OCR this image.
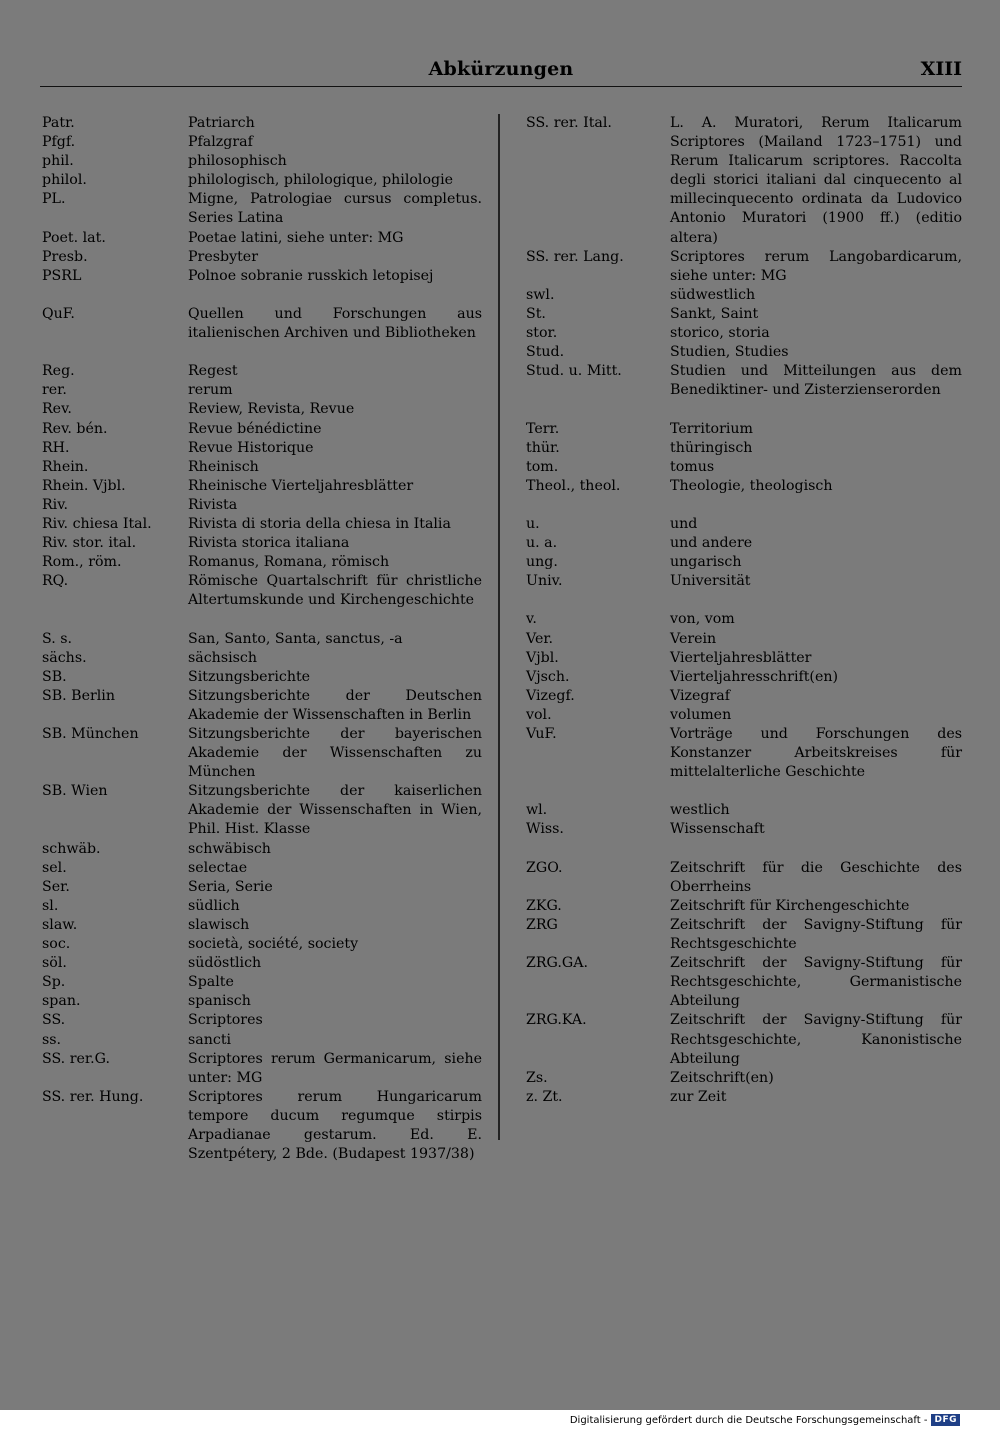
Abkürzungen	XIII
Patr.	Patriarch
Pfgf.	Pfalzgraf
phil.	philosophisch
philol.	philologisch, philologique, philologie
PL.	Migne, Patrologiae cursus completus. Series Latina
Poet. lat.	Poetae latini, siehe unter: MG
Presb.	Presbyter
PSRL	Polnoe sobranie russkich letopisej
QuF.	Quellen und Forschungen aus italienischen Archiven und Bibliotheken
Reg.	Regest
rer.	rerum
Rev.	Review, Revista, Revue
Rev. bén.	Revue bénédictine
RH.	Revue Historique
Rhein.	Rheinisch
Rhein. Vjbl.	Rheinische Vierteljahresblätter
Riv.	Rivista
Riv. chiesa Ital.	Rivista di storia della chiesa in Italia
Riv. stor. ital.	Rivista storica italiana
Rom., röm.	Romanus, Romana, römisch
RQ.	Römische Quartalschrift für christliche Altertumskunde und Kirchengeschichte
S. s.	San, Santo, Santa, sanctus, -a
sächs.	sächsisch
SB.	Sitzungsberichte
SB. Berlin	Sitzungsberichte der Deutschen Akademie der Wissenschaften in Berlin
SB. München	Sitzungsberichte der bayerischen Akademie der Wissenschaften zu München
SB. Wien	Sitzungsberichte der kaiserlichen Akademie der Wissenschaften in Wien, Phil. Hist. Klasse
schwäb.	schwäbisch
sel.	selectae
Ser.	Seria, Serie
sl.	südlich
slaw.	slawisch
soc.	società, société, society
söl.	südöstlich
Sp.	Spalte
span.	spanisch
SS.	Scriptores
ss.	sancti
SS. rer.G.	Scriptores rerum Germanicarum, siehe unter: MG
SS. rer. Hung.	Scriptores rerum Hungaricarum tempore ducum regumque stirpis Arpadianae gestarum. Ed. E. Szentpétery, 2 Bde. (Budapest 1937/38)
SS. rer. Ital.	L. A. Muratori, Rerum Italicarum Scriptores (Mailand 1723–1751) und Rerum Italicarum scriptores. Raccolta degli storici italiani dal cinquecento al millecinquecento ordinata da Ludovico Antonio Muratori (1900 ff.) (editio altera)
SS. rer. Lang.	Scriptores rerum Langobardicarum, siehe unter: MG
swl.	südwestlich
St.	Sankt, Saint
stor.	storico, storia
Stud.	Studien, Studies
Stud. u. Mitt.	Studien und Mitteilungen aus dem Benediktiner- und Zisterzienserorden
Terr.	Territorium
thür.	thüringisch
tom.	tomus
Theol., theol.	Theologie, theologisch
u.	und
u. a.	und andere
ung.	ungarisch
Univ.	Universität
v.	von, vom
Ver.	Verein
Vjbl.	Vierteljahresblätter
Vjsch.	Vierteljahresschrift(en)
Vizegf.	Vizegraf
vol.	volumen
VuF.	Vorträge und Forschungen des Konstanzer Arbeitskreises für mittelalterliche Geschichte
wl.	westlich
Wiss.	Wissenschaft
ZGO.	Zeitschrift für die Geschichte des Oberrheins
ZKG.	Zeitschrift für Kirchengeschichte
ZRG	Zeitschrift der Savigny-Stiftung für Rechtsgeschichte
ZRG.GA.	Zeitschrift der Savigny-Stiftung für Rechtsgeschichte, Germanistische Abteilung
ZRG.KA.	Zeitschrift der Savigny-Stiftung für Rechtsgeschichte, Kanonistische Abteilung
Zs.	Zeitschrift(en)
z. Zt.	zur Zeit
Digitalisierung gefördert durch die Deutsche Forschungsgemeinschaft - DFG
